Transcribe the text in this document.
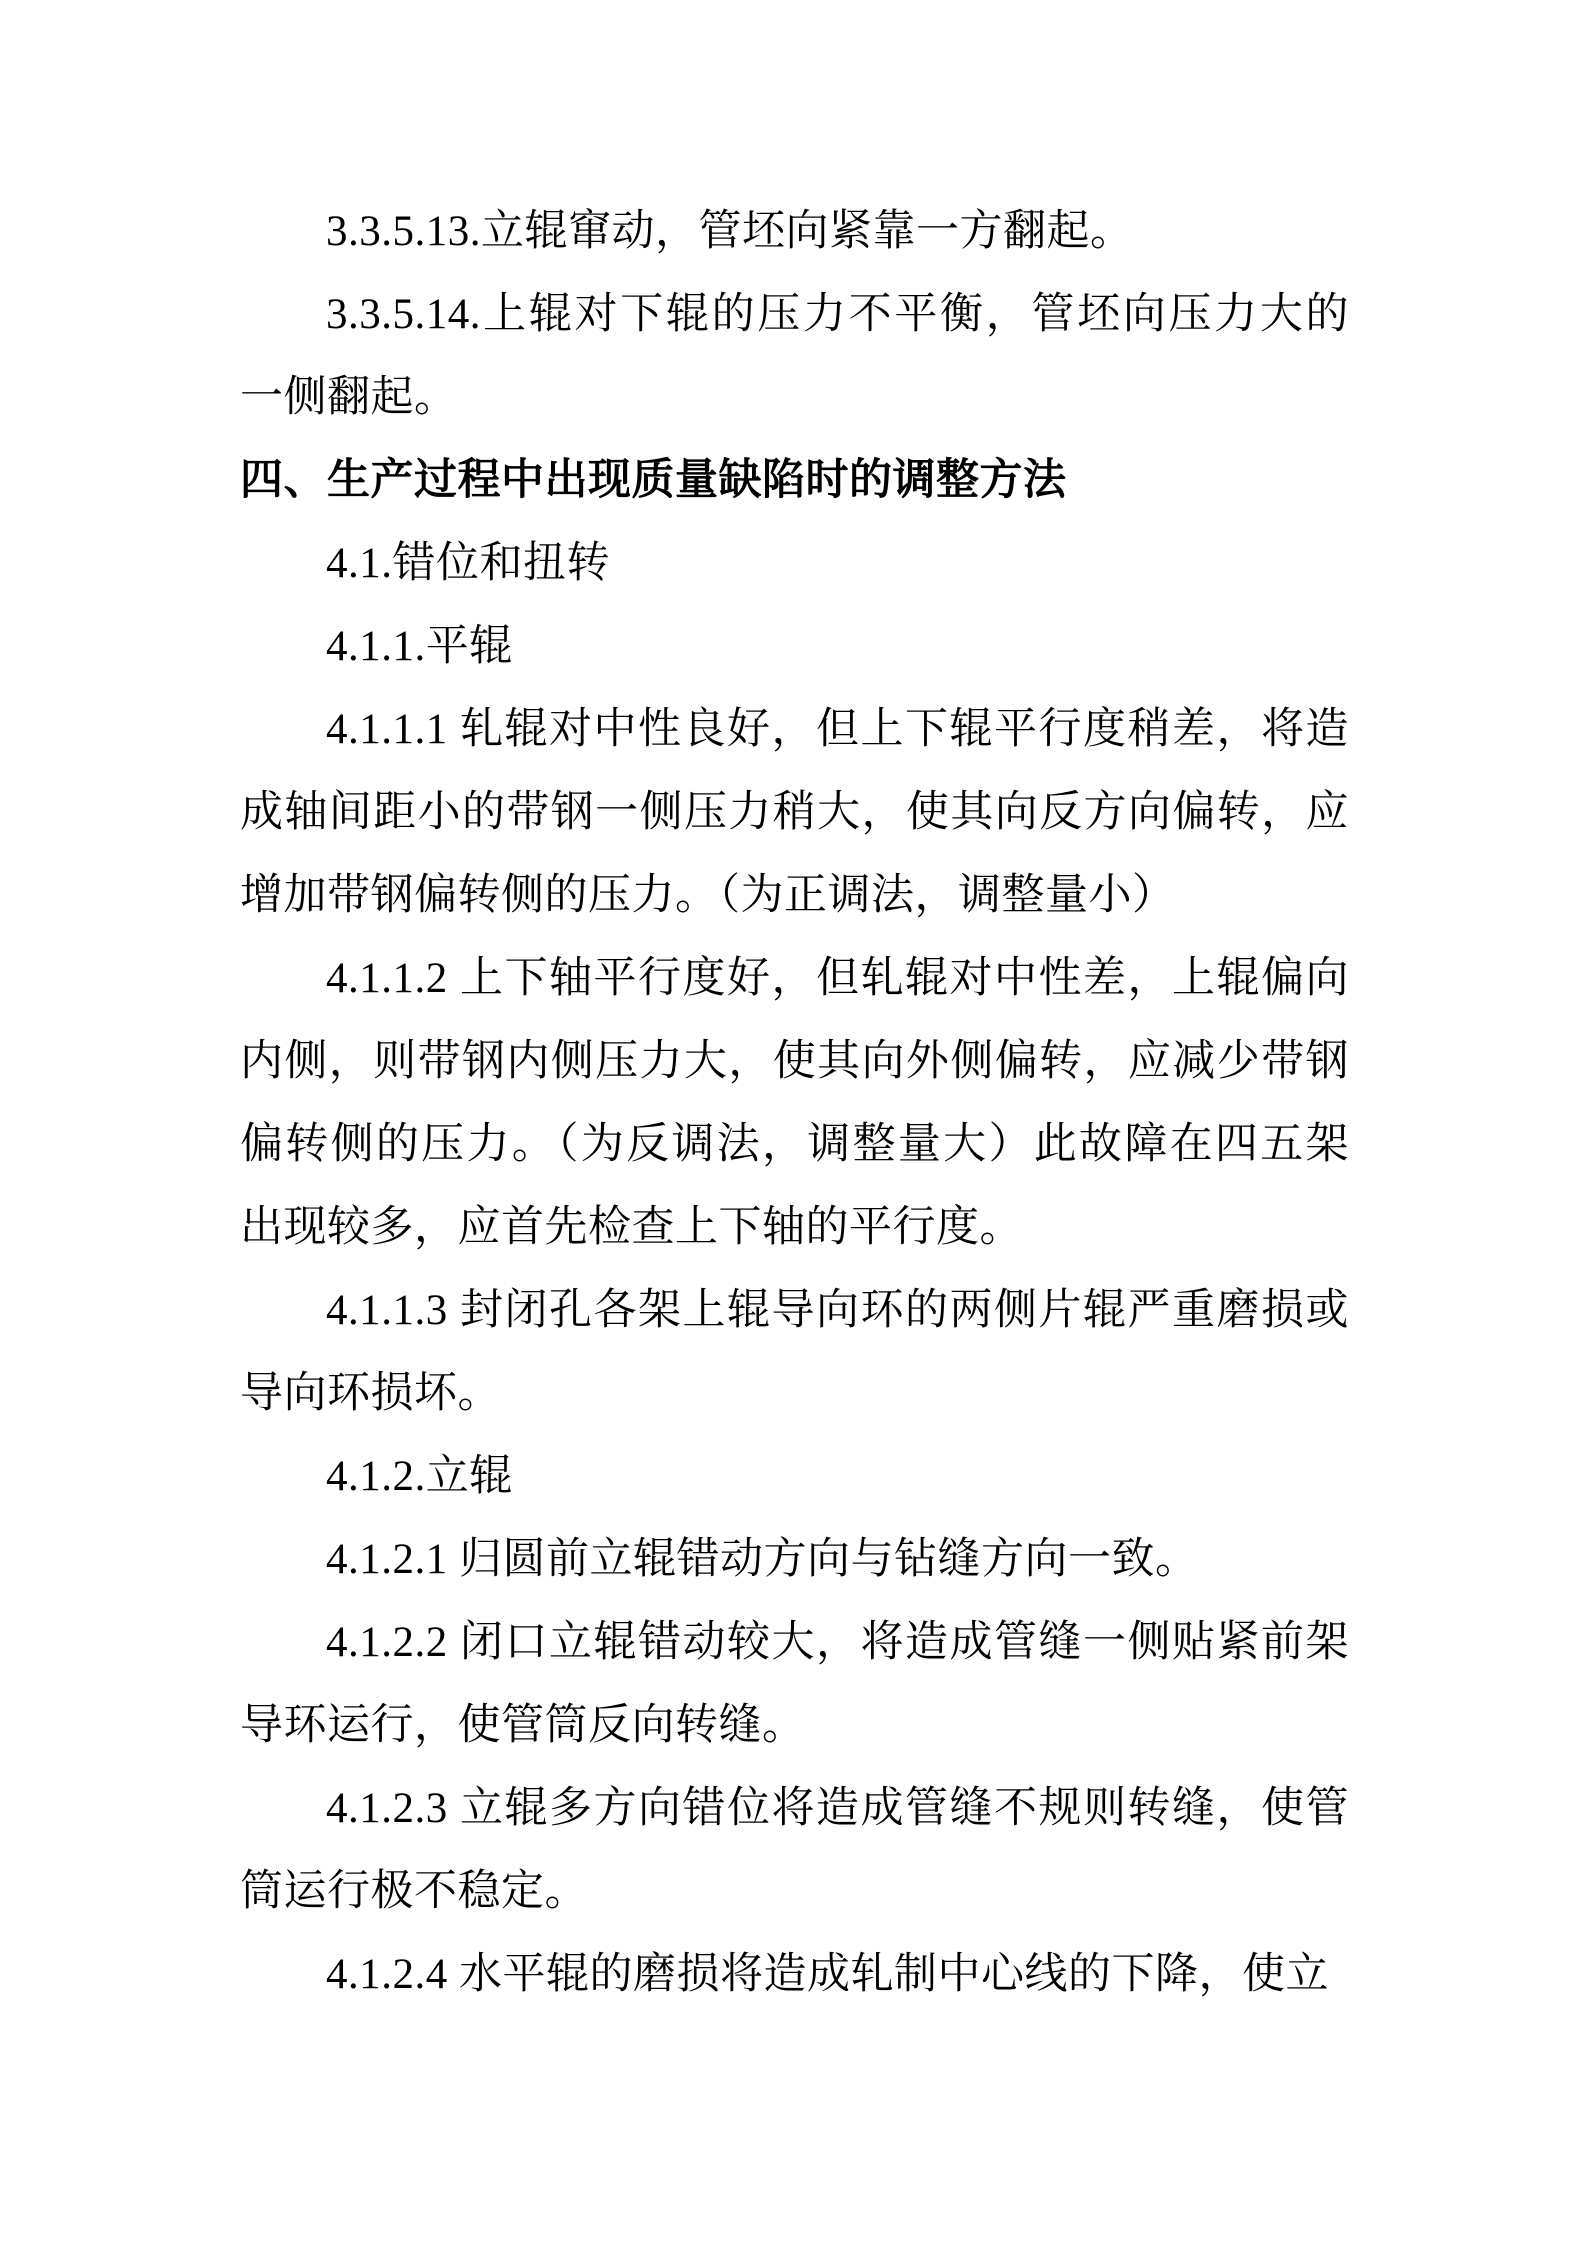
3.3.5.13.立辊窜动，管坯向紧靠一方翻起。

3.3.5.14.上辊对下辊的压力不平衡，管坯向压力大的一侧翻起。

四、生产过程中出现质量缺陷时的调整方法

4.1.错位和扭转

4.1.1.平辊

4.1.1.1 轧辊对中性良好，但上下辊平行度稍差，将造成轴间距小的带钢一侧压力稍大，使其向反方向偏转，应增加带钢偏转侧的压力。（为正调法，调整量小）

4.1.1.2 上下轴平行度好，但轧辊对中性差，上辊偏向内侧，则带钢内侧压力大，使其向外侧偏转，应减少带钢偏转侧的压力。（为反调法，调整量大）此故障在四五架出现较多，应首先检查上下轴的平行度。

4.1.1.3 封闭孔各架上辊导向环的两侧片辊严重磨损或导向环损坏。

4.1.2.立辊

4.1.2.1 归圆前立辊错动方向与钻缝方向一致。

4.1.2.2 闭口立辊错动较大，将造成管缝一侧贴紧前架导环运行，使管筒反向转缝。

4.1.2.3 立辊多方向错位将造成管缝不规则转缝，使管筒运行极不稳定。

4.1.2.4 水平辊的磨损将造成轧制中心线的下降，使立
